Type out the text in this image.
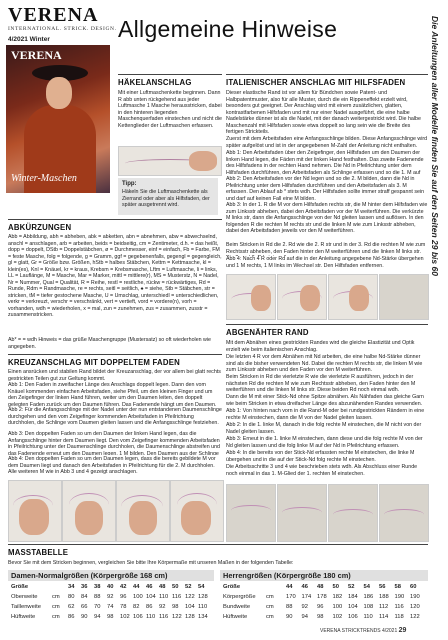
VERENA
INTERNATIONAL. STRICK. DESIGN.
4/2021 Winter
VERENA
Winter-Maschen
Allgemeine Hinweise	Die Anleitungen aller Modelle finden Sie auf den Seiten 29 bis 60
HÄKELANSCHLAG
Mit einer Luftmaschenkette beginnen. Dann R abb unten rückgehend aus jeder Luftmasche 1 Masche herausstricken, dabei in den hinteren liegenden Maschenquerfaden einstechen und nicht die Kettenglieder der Luftmaschen erfassen.
Tipp:
Häkeln Sie die Luftmaschenkette als Zierrand oder aber als Hilfsfaden, der später ausgetrennt wird.
ABKÜRZUNGEN
Abb = Abbildung, abh = abheben, abk = abketten, abn = abnehmen, abw = abwechselnd, anschl = anschlagen, arb = arbeiten, beids = beidseitig, cm = Zentimeter, d.h. = das heißt, dopp = doppelt, DStb = Doppelstäbchen, ø = Durchmesser, einf = einfach, Fb = Farbe, FM = feste Masche, folg = folgende, g = Gramm, ggf = gegebenenfalls, gegengl = gegengleich, gl = glatt, Gr = Größe bzw. Größen, hStb = halbes Stäbchen, Kettm = Kettmasche, kl = klein(es), Knl = Knäuel, kr = kraus, Krebsm = Krebsmasche, Lftm = Luftmasche, li = links, LL = Lauflänge, M = Masche, Mar = Marker, mittl = mittlere(r), MS = Musterstz, N = Nadel, Nr = Nummer, Qual = Qualität, R = Reihe, restl = restliche, rückw = rückwärtiges, Rd = Runde, Rdm = Randmasche, re = rechts, seitl = seitlich, ♠ = siehe, Stb = Stäbchen, str = stricken, tM = tiefer gestochene Masche, U = Umschlag, unterschiedl = unterschiedlichen, verkr = verkreuzt, verschr = verschränkt, vert = vertieft, vord = vordere(n), vorh = vorhanden, wdh = wiederholen, x = mal, zun = zunehmen, zus = zusammen, zusstr = zusammenstricken.
Ab* = = wdh Hinweis = das grüße Maschengruppe (Mustersatz) so oft wiederholen wie angegeben.
KREUZANSCHLAG MIT DOPPELTEM FADEN
Einen ansrücken und stabilen Rand bildet der Kreuzanschlag, der vor allem bei glatt rechts gestrickten Teilen gut zur Geltung kommt.
Abb 1: Den Faden in zweifacher Länge des Anschlags doppelt legen. Dann den vom Knäuel kommenden einfachen Arbeitsfaden, siehe Pfeil, um den kleinen Finger und um den Zeigefinger der linken Hand führen, weiter um den Daumen leiten, den doppelt gelegten Faden zurück um den Daumen führen. Das Fadenende hängt um den Daumen.
Abb 2: Für die Anfangsschlinge mit der Nadel unter der nun entstandenen Daumenschlinge durchgehen und den vom Zeigefinger kommenden Arbeitsfaden in Pfeilrichtung durchholen, die Schlinge vom Daumen gleiten lassen und die Anfangsschlinge festziehen.
Abb 3: Den doppelten Faden so um den Daumen der linken Hand legen, das die Anfangsschlinge hinter dem Daumen liegt. Den vom Zeigefinger kommenden Arbeitsfaden in Pfeilrichtung unter der Daumenschlinge durchholen, die Daumenschlinge abstreifen und das Fadenende erneut um den Daumen legen. 1 M bilden. Den Daumen aus der Schlinge
Abb 4: Den doppelten Faden so um den Daumen legen, dass die bereits gebildete M vor dem Daumen liegt und danach den Arbeitsfaden in Pfeilrichtung für die 2. M durchholen. Alle weiteren M wie in Abb 3 und 4 gezeigt anschlagen.
ITALIENISCHER ANSCHLAG MIT HILFSFADEN
Dieser elastische Rand ist vor allem für Bündchen sowie Patent- und Halbpatentmuster, also für alle Muster, durch die ein Rippeneffekt erzielt wird, besonders gut geeignet. Der Anschlag wird mit einem zusätzlichen, glatten, kontrastfarbenen Hilfsfaden und mit nur einer Nadel ausgeführt, die eine halbe Nadelstärke dünner ist als die Nadel, mit der danach weitergestrickt wird. Die halbe Maschenzahl mit Hilfsfaden sowie etwa doppelt so lang sein wie die Breite des fertigen Strickteils.
Zuerst mit dem Arbeitsfaden eine Anfangsschlinge bilden. Diese Anfangsschlinge wird später aufgelöst und ist in der angegebenen M-Zahl der Anleitung nicht enthalten.
Abb 1: Den Arbeitsfaden über den Zeigefinger, den Hilfsfaden um den Daumen der linken Hand legen, die Fäden mit der linken Hand festhalten. Das zweite Fadenende des Hilfsfadens in der rechten Hand nehmen. Die Nd in Pfeilrichtung unter dem Hilfsfaden durchführen, den Arbeitsfaden als Schlinge erfassen und so die 1. M auf
Abb 2: Den Arbeitsfaden vor der Nd legen und so die 2. M bilden, dann die Nd in Pfeilrichtung unter dem Hilfsfaden durchführen und den Arbeitsfaden als 3. M erfassen. Den Ablauf ab * stets wdh. Der Hilfsfaden sollte immer straff gespannt sein und darf auf keinen Fall eine M bilden.
Abb 3: In der 1. R die M vor dem Hilfsfaden rechts str, die M hinter dem Hilfsfaden wie zum Linksstr abheben, dabei den Arbeitsfaden vor der M weiterführen. Die verkürzte M links str, dann die Anfangsschlinge von der Nd gleiten lassen und auflösen. In den folgenden R die rechten M rechts str und die linken M wie zum Linksstr abheben, dabei den Arbeitsfaden jeweils vor den M weiterführen.
Beim Stricken in Rd die 2. Rd wie die 2. R str und in der 3. Rd die rechten M wie zum Rechtsstr abheben, den Faden hinter den M weiterführen und die linken M links str.
Abb 4: Nach 4 R oder Rd auf die in der Anleitung angegebene Nd-Stärke übergehen und 1 M rechts, 1 M links im Wechsel str. Den Hilfsfaden entfernen.
ABGENÄHTER RAND
Mit dem Abnähen eines gestrickten Randes wird die gleiche Elastizität und Optik erzielt wie beim italienischen Anschlag.
Die letzten 4 R vor dem Abnähen mit Nd arbeiten, die eine halbe Nd-Stärke dünner sind als die bisher verwendeten Nd. Dabei die rechten M rechts str, die linken M wie zum Linksstr abheben und den Faden vor den M weiterführen.
Beim Stricken in Rd die vierletzte R wie die vierletzte R ausführen, jedoch in der nächsten Rd die rechten M wie zum Rechtsstr abheben, den Faden hinter den M weiterführen und die linken M links str. Diese beiden Rd noch einmal wdh.
Dann die M mit einer Stick-Nd ohne Spitze abnähen. Als Nähfaden das gleiche Garn wie beim Stricken in etwa dreifacher Länge des abzunähenden Randes verwenden.
Abb 1: Von hinten nach vorn in die Rand-M oder bei rundgestrickten Rändern in eine rechte M einstechen, dann die M von der Nadel gleiten lassen.
Abb 2: In die 1. linke M, danach in die folg rechte M einstechen, die M nicht von der Nadel gleiten lassen.
Abb 3: Erneut in die 1. linke M einstechen, dann diese und die folg rechte M von der Nd gleiten lassen und die folg linke M auf der Nd in Pfeilrichtung erfassen.
Abb 4: In die bereits von der Stick-Nd erfassten rechte M einstechen, die linke M übergehen und in die auf der Stick-Nd folg rechte M einstechen.
Die Arbeitsschritte 3 und 4 wie beschrieben stets wdh. Als Abschluss einer Runde noch einmal in das 1. M-Glied der 1. rechten M einstechen.
MASSTABELLE
Bevor Sie mit dem Stricken beginnen, vergleichen Sie bitte Ihre Körpermaße mit unseren Maßen in der folgenden Tabelle:
Damen-Normalgrößen (Körpergröße 168 cm)
Größe	34 36 38 40 42 44 46 48 50 52 54
Oberweite	cm 80 84 88 92 96 100 104 110 116 122 128
Taillenweite cm 62 66 70 74 78 82 86 92 98 104 110
Hüftweite	cm 86 90 94 98 102 106 110 116 122 128 134
Herrengrößen (Körpergröße 180 cm)
Größe	44 46 48 50 52 54 56 58 60
Körpergröße cm 170 174 178 182 184 186 188 190 190
Bundweite	cm 88 92 96 100 104 108 112 116 120
Hüftweite	cm 90 94 98 102 106 110 114 118 122
VERENA STRICKTRENDS 4/2021 29
